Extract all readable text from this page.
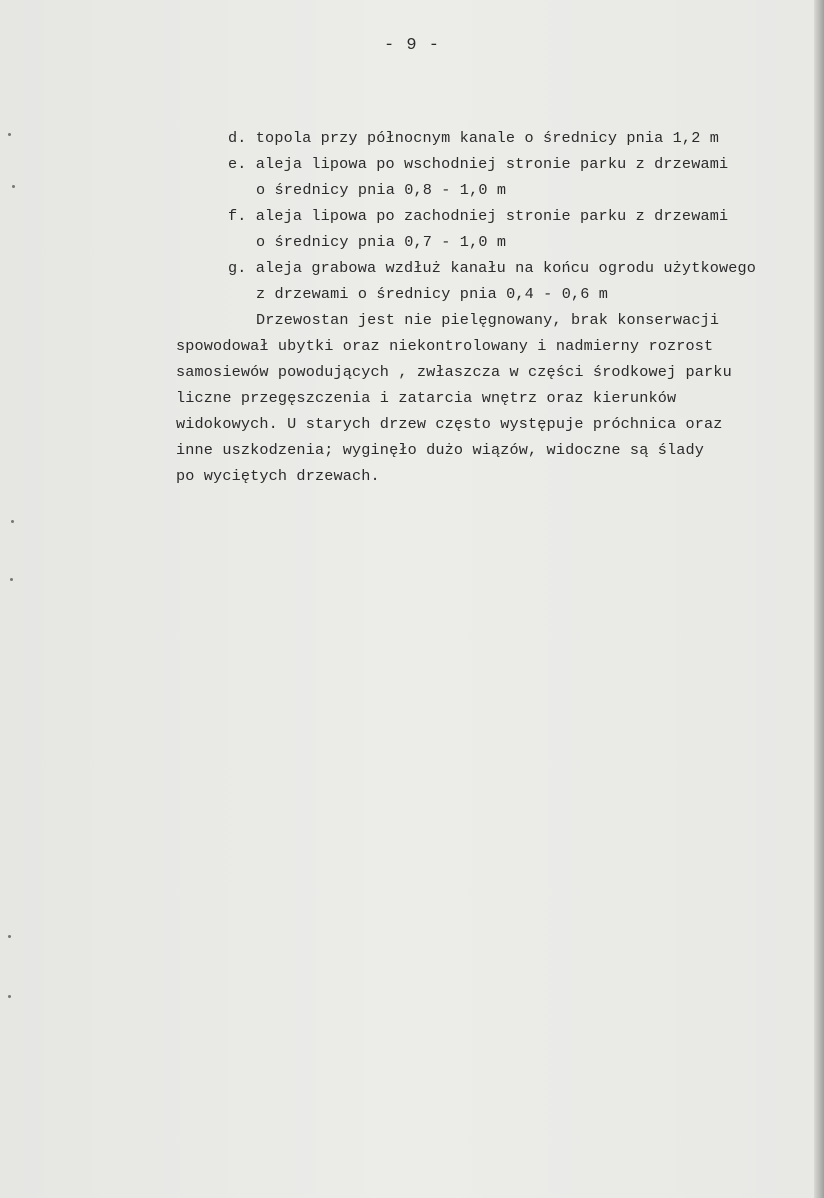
- 9 -
d. topola przy północnym kanale o średnicy pnia 1,2 m
e. aleja lipowa po wschodniej stronie parku z drzewami
o średnicy pnia 0,8 - 1,0 m
f. aleja lipowa po zachodniej stronie parku z drzewami
o średnicy pnia 0,7 - 1,0 m
g. aleja grabowa wzdłuż kanału na końcu ogrodu użytkowego
z drzewami o średnicy pnia 0,4 - 0,6 m
Drzewostan jest nie pielęgnowany, brak konserwacji
spowodował ubytki oraz niekontrolowany i nadmierny rozrost
samosiewów powodujących , zwłaszcza w części środkowej parku
liczne przegęszczenia i zatarcia wnętrz oraz kierunków
widokowych. U starych drzew często występuje próchnica oraz
inne uszkodzenia; wyginęło dużo wiązów, widoczne są ślady
po wyciętych drzewach.
